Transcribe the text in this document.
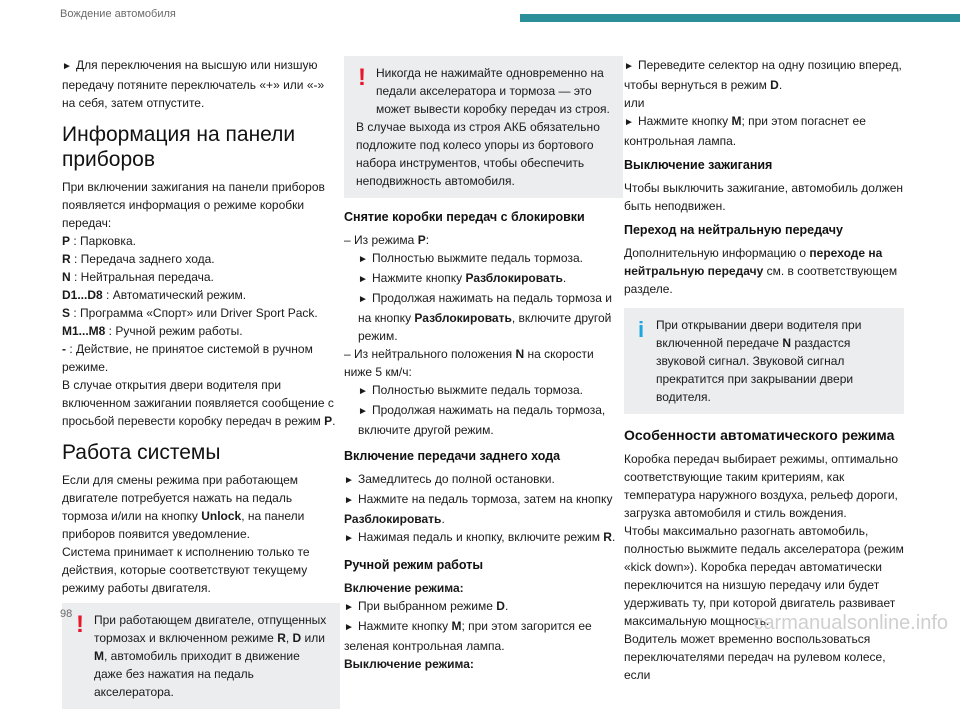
Вождение автомобиля

► Для переключения на высшую или низшую передачу потяните переключатель «+» или «-» на себя, затем отпустите.

Информация на панели приборов

При включении зажигания на панели приборов появляется информация о режиме коробки передач:

P : Парковка.

R : Передача заднего хода.

N : Нейтральная передача.

D1...D8 : Автоматический режим.

S : Программа «Спорт» или Driver Sport Pack.

M1...M8 : Ручной режим работы.

- : Действие, не принятое системой в ручном режиме.

В случае открытия двери водителя при включенном зажигании появляется сообщение с просьбой перевести коробку передач в режим P.

Работа системы

Если для смены режима при работающем двигателе потребуется нажать на педаль тормоза и/или на кнопку Unlock, на панели приборов появится уведомление.

Система принимает к исполнению только те действия, которые соответствуют текущему режиму работы двигателя.

! При работающем двигателе, отпущенных тормозах и включенном режиме R, D или M, автомобиль приходит в движение даже без нажатия на педаль акселератора.

! Никогда не нажимайте одновременно на педали акселератора и тормоза — это может вывести коробку передач из строя.

В случае выхода из строя АКБ обязательно подложите под колесо упоры из бортового набора инструментов, чтобы обеспечить неподвижность автомобиля.

Снятие коробки передач с блокировки

– Из режима P:

► Полностью выжмите педаль тормоза.

► Нажмите кнопку Разблокировать.

► Продолжая нажимать на педаль тормоза и на кнопку Разблокировать, включите другой режим.

– Из нейтрального положения N на скорости ниже 5 км/ч:

► Полностью выжмите педаль тормоза.

► Продолжая нажимать на педаль тормоза, включите другой режим.

Включение передачи заднего хода

► Замедлитесь до полной остановки.

► Нажмите на педаль тормоза, затем на кнопку Разблокировать.

► Нажимая педаль и кнопку, включите режим R.

Ручной режим работы

Включение режима:

► При выбранном режиме D.

► Нажмите кнопку M; при этом загорится ее зеленая контрольная лампа.

Выключение режима:

► Переведите селектор на одну позицию вперед, чтобы вернуться в режим D.

или

► Нажмите кнопку M; при этом погаснет ее контрольная лампа.

Выключение зажигания

Чтобы выключить зажигание, автомобиль должен быть неподвижен.

Переход на нейтральную передачу

Дополнительную информацию о переходе на нейтральную передачу см. в соответствующем разделе.

i При открывании двери водителя при включенной передаче N раздастся звуковой сигнал. Звуковой сигнал прекратится при закрывании двери водителя.

Особенности автоматического режима

Коробка передач выбирает режимы, оптимально соответствующие таким критериям, как температура наружного воздуха, рельеф дороги, загрузка автомобиля и стиль вождения.

Чтобы максимально разогнать автомобиль, полностью выжмите педаль акселератора (режим «kick down»). Коробка передач автоматически переключится на низшую передачу или будет удерживать ту, при которой двигатель развивает максимальную мощность.

Водитель может временно воспользоваться переключателями передач на рулевом колесе, если

98	carmanualsonline.info
